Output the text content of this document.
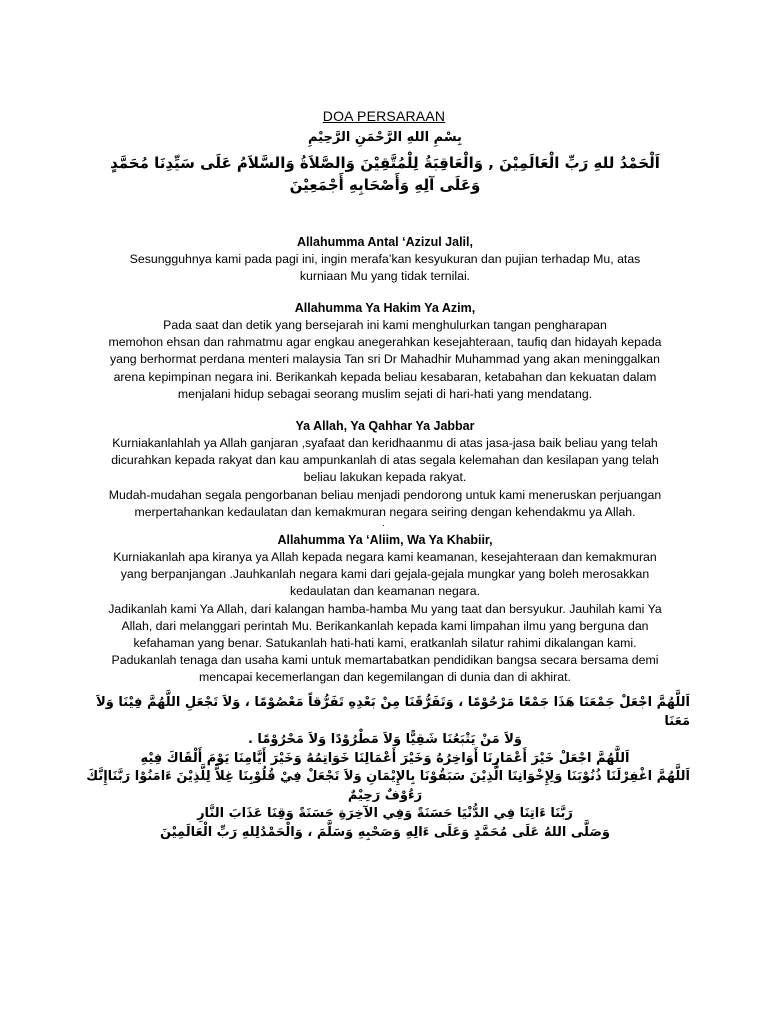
DOA PERSARAAN
بِسْمِ اللهِ الرَّحْمَنِ الرَّحِيْمِ
اَلْحَمْدُ للهِ رَبِّ الْعَالَمِيْنَ , وَالْعَاقِبَةُ لِلْمُتَّقِيْنَ وَالصَّلاَةُ وَالسَّلاَمُ عَلَى سَيِّدِنَا مُحَمَّدٍ وَعَلَى آلِهِ وَأَصْحَابِهِ أَجْمَعِيْنَ

Allahumma Antal ‘Azizul Jalil,

Sesungguhnya kami pada pagi ini, ingin merafa’kan kesyukuran dan pujian terhadap Mu, atas

kurniaan Mu yang tidak ternilai.

Allahumma Ya Hakim Ya Azim,

Pada saat dan detik yang bersejarah ini kami menghulurkan tangan pengharapan

memohon ehsan dan rahmatmu agar engkau anegerahkan kesejahteraan, taufiq dan hidayah kepada

yang berhormat perdana menteri malaysia Tan sri Dr Mahadhir Muhammad yang akan meninggalkan

arena kepimpinan negara ini. Berikankah kepada beliau kesabaran, ketabahan dan kekuatan dalam

menjalani hidup sebagai seorang muslim sejati di hari-hati yang mendatang.

Ya Allah, Ya Qahhar Ya Jabbar

Kurniakanlahlah ya Allah ganjaran ,syafaat dan keridhaanmu di atas jasa-jasa baik beliau yang telah

dicurahkan kepada rakyat dan kau ampunkanlah di atas segala kelemahan dan kesilapan yang telah

beliau lakukan kepada rakyat.

Mudah-mudahan segala pengorbanan beliau menjadi pendorong untuk kami meneruskan perjuangan

merpertahankan kedaulatan dan kemakmuran negara seiring dengan kehendakmu ya Allah.

.

Allahumma Ya ‘Aliim, Wa Ya Khabiir,

Kurniakanlah apa kiranya ya Allah kepada negara kami keamanan, kesejahteraan dan kemakmuran

yang berpanjangan .Jauhkanlah negara kami dari gejala-gejala mungkar yang boleh merosakkan

kedaulatan dan keamanan negara.

Jadikanlah kami Ya Allah, dari kalangan hamba-hamba Mu yang taat dan bersyukur. Jauhilah kami Ya

Allah, dari melanggari perintah Mu. Berikankanlah kepada kami limpahan ilmu yang berguna dan

kefahaman yang benar. Satukanlah hati-hati kami, eratkanlah silatur rahimi dikalangan kami.

Padukanlah tenaga dan usaha kami untuk memartabatkan pendidikan bangsa secara bersama demi

mencapai kecemerlangan dan kegemilangan di dunia dan di akhirat.

اَللَّهُمَّ اجْعَلْ جَمْعَنَا هَذَا جَمْعًا مَرْحُوْمًا ، وَتَفَرُّقَنَا مِنْ بَعْدِهِ تَفَرُّقاً مَعْصُوْمًا ، وَلاَ تَجْعَلِ اللَّهُمَّ فِيْنَا وَلاَ مَعَنَا

وَلاَ مَنْ يَتْبَعُنَا شَقِيًّا وَلاَ مَطْرُوْدًا وَلاَ مَحْرُوْمًا .

اَللَّهُمَّ اجْعَلْ خَيْرَ أَعْمَارِنَا أَوَاخِرُهُ وَخَيْرَ أَعْمَالِنَا خَوَاتِمُهُ وَخَيْرَ أَيَّامِنَا يَوْمَ أَلْقَاكَ فِيْهِ

اَللَّهُمَّ اغْفِرْلَنَا ذُنُوْبَنَا وَلِإِخْوَانِنَا الَّذِيْنَ سَبَقُوْنَا بِالإِيْمَانِ وَلاَ تَجْعَلْ فِيْ قُلُوْبِنَا غِلاًّ لِلَّذِيْنَ ءَامَنُوْا رَبَّنَاإِنَّكَ

رَءُوْفٌ رَحِيْمٌ

رَبَّنَا ءَاتِنَا فِي الدُّنْيَا حَسَنَةً وَفِي الآخِرَةِ حَسَنَةً وَقِنَا عَذَابَ النَّارِ

وَصَلَّى اللهُ عَلَى مُحَمَّدٍ وَعَلَى ءَالِهِ وَصَحْبِهِ وَسَلَّمَ ، وَالْحَمْدُلِلهِ رَبِّ الْعَالَمِيْنَ
